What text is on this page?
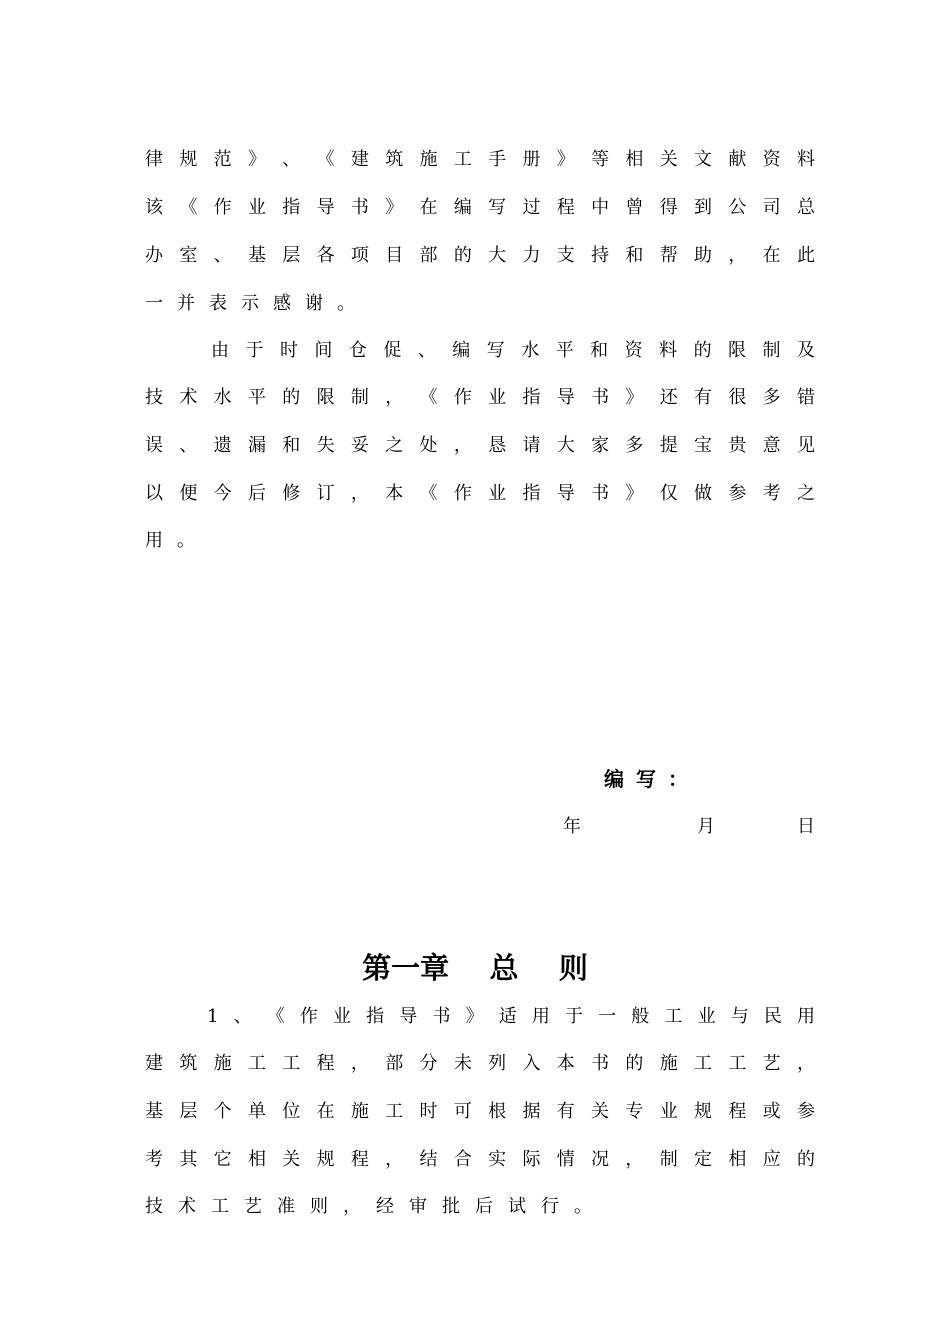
律 规 范 》 、 《 建 筑 施 工 手 册 》 等 相 关 文 献 资 料
该 《 作 业 指 导 书 》 在 编 写 过 程 中 曾 得 到 公 司 总
办 室 、 基 层 各 项 目 部 的 大 力 支 持 和 帮 助 ， 在 此
一 并 表 示 感 谢 。
由 于 时 间 仓 促 、 编 写 水 平 和 资 料 的 限 制 及
技 术 水 平 的 限 制 ， 《 作 业 指 导 书 》 还 有 很 多 错
误 、 遗 漏 和 失 妥 之 处 ， 恳 请 大 家 多 提 宝 贵 意 见
以 便 今 后 修 订 ， 本 《 作 业 指 导 书 》 仅 做 参 考 之
用 。
编写：
年	月	日
第一章    总    则
1 、 《 作 业 指 导 书 》 适 用 于 一 般 工 业 与 民 用
建 筑 施 工 工 程 ， 部 分 未 列 入 本 书 的 施 工 工 艺 ，
基 层 个 单 位 在 施 工 时 可 根 据 有 关 专 业 规 程 或 参
考 其 它 相 关 规 程 ， 结 合 实 际 情 况 ， 制 定 相 应 的
技 术 工 艺 准 则 ， 经 审 批 后 试 行 。
